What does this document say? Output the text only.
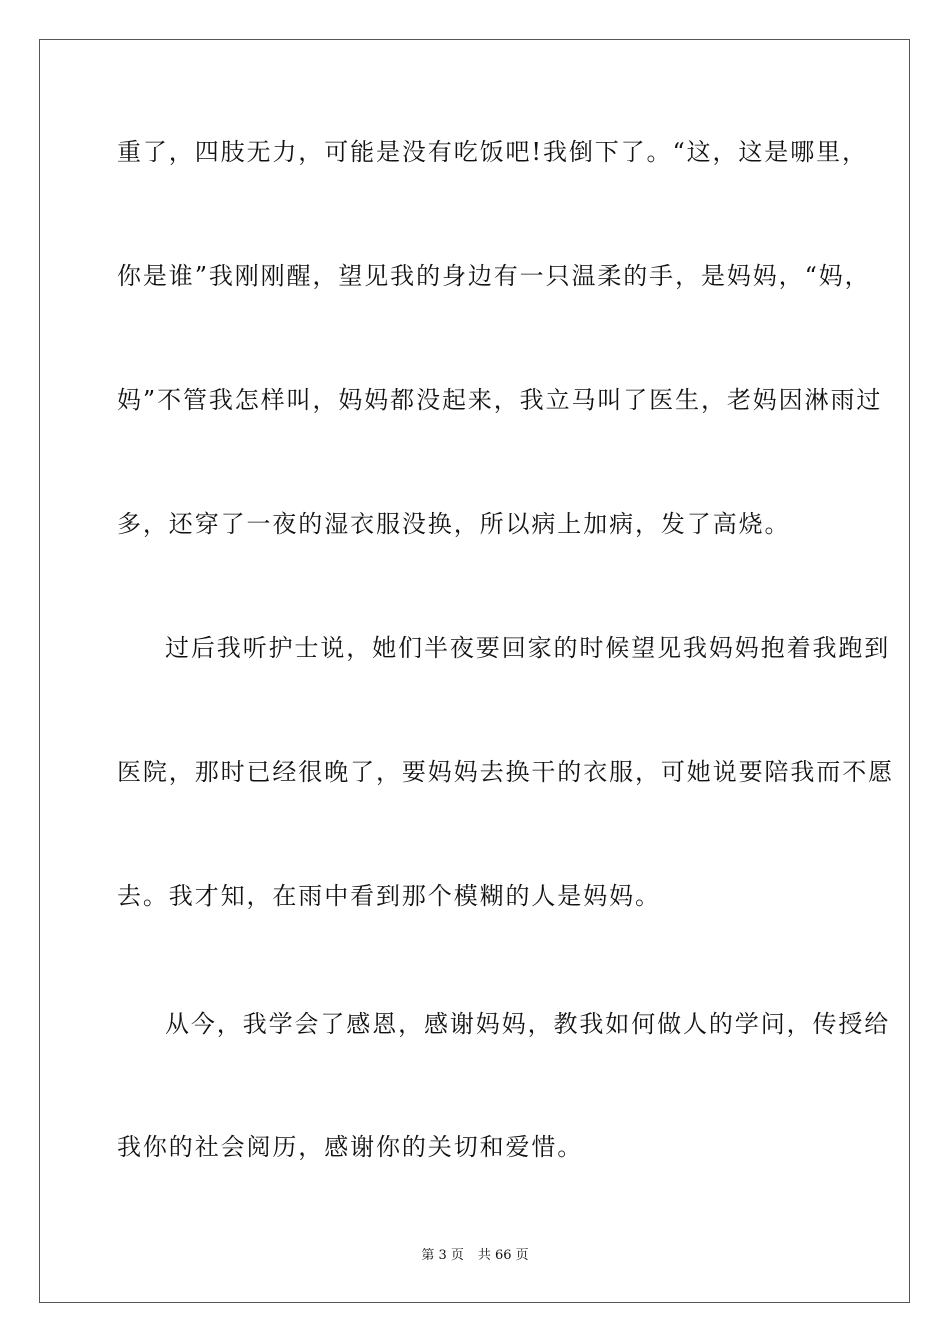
重了，四肢无力，可能是没有吃饭吧!我倒下了。“这，这是哪里，
你是谁”我刚刚醒，望见我的身边有一只温柔的手，是妈妈，“妈，
妈”不管我怎样叫，妈妈都没起来，我立马叫了医生，老妈因淋雨过
多，还穿了一夜的湿衣服没换，所以病上加病，发了高烧。
过后我听护士说，她们半夜要回家的时候望见我妈妈抱着我跑到
医院，那时已经很晚了，要妈妈去换干的衣服，可她说要陪我而不愿
去。我才知，在雨中看到那个模糊的人是妈妈。
从今，我学会了感恩，感谢妈妈，教我如何做人的学问，传授给
我你的社会阅历，感谢你的关切和爱惜。
第 3 页 共 66 页
